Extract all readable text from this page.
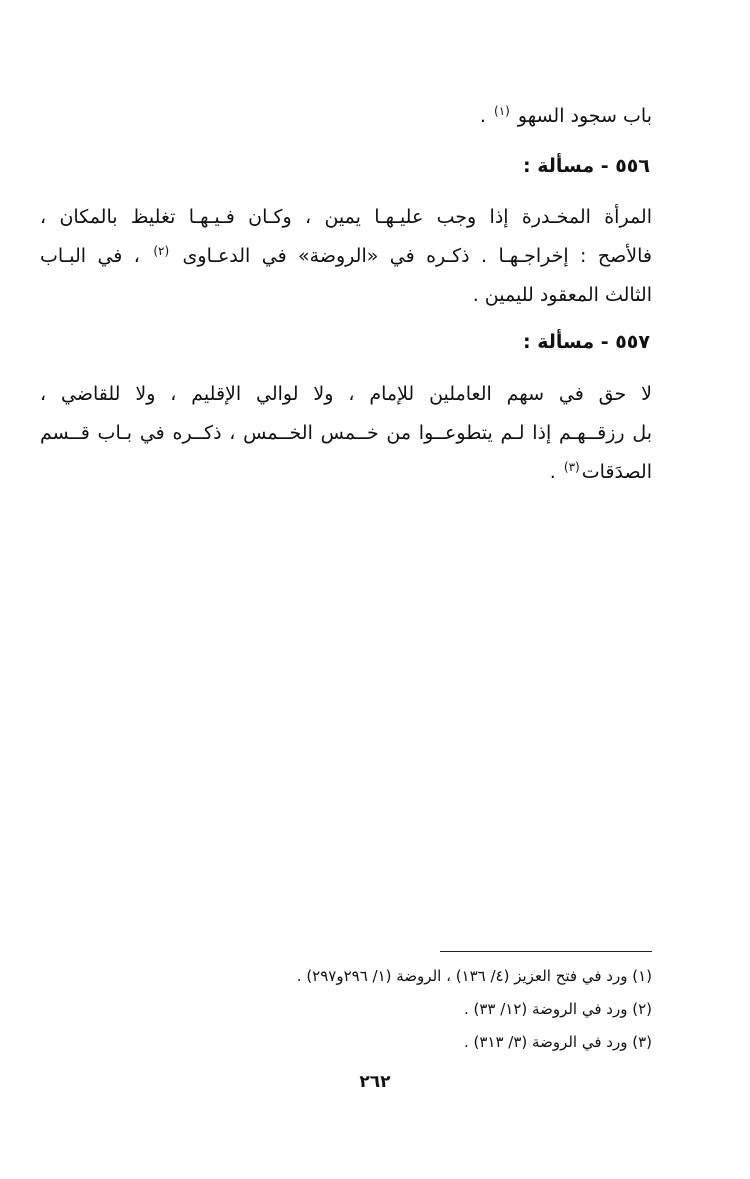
باب سجود السهو $^{(١)}$ .
٥٥٦ - مسألة :
المرأة المخـدرة إذا وجب عليـهـا يمين ، وكـان فـيـهـا تغليظ بالمكان ،
فالأصح : إخراجـهـا . ذكـره في «الروضة» في الدعـاوى $^{(٢)}$ ، في البـاب
الثالث المعقود لليمين .
٥٥٧ - مسألة :
لا حق في سهم العاملين للإمام ، ولا لوالي الإقليم ، ولا للقاضي ،
بل رزقــهـم إذا لـم يتطوعــوا من خــمس الخــمس ، ذكــره في بـاب قــسم
الصدَقات$^{(٣)}$ .
(١) ورد في فتح العزيز (٤/ ١٣٦) ، الروضة (١/ ٢٩٦و٢٩٧) .
(٢) ورد في الروضة (١٢/ ٣٣) .
(٣) ورد في الروضة (٣/ ٣١٣) .
٢٦٢
